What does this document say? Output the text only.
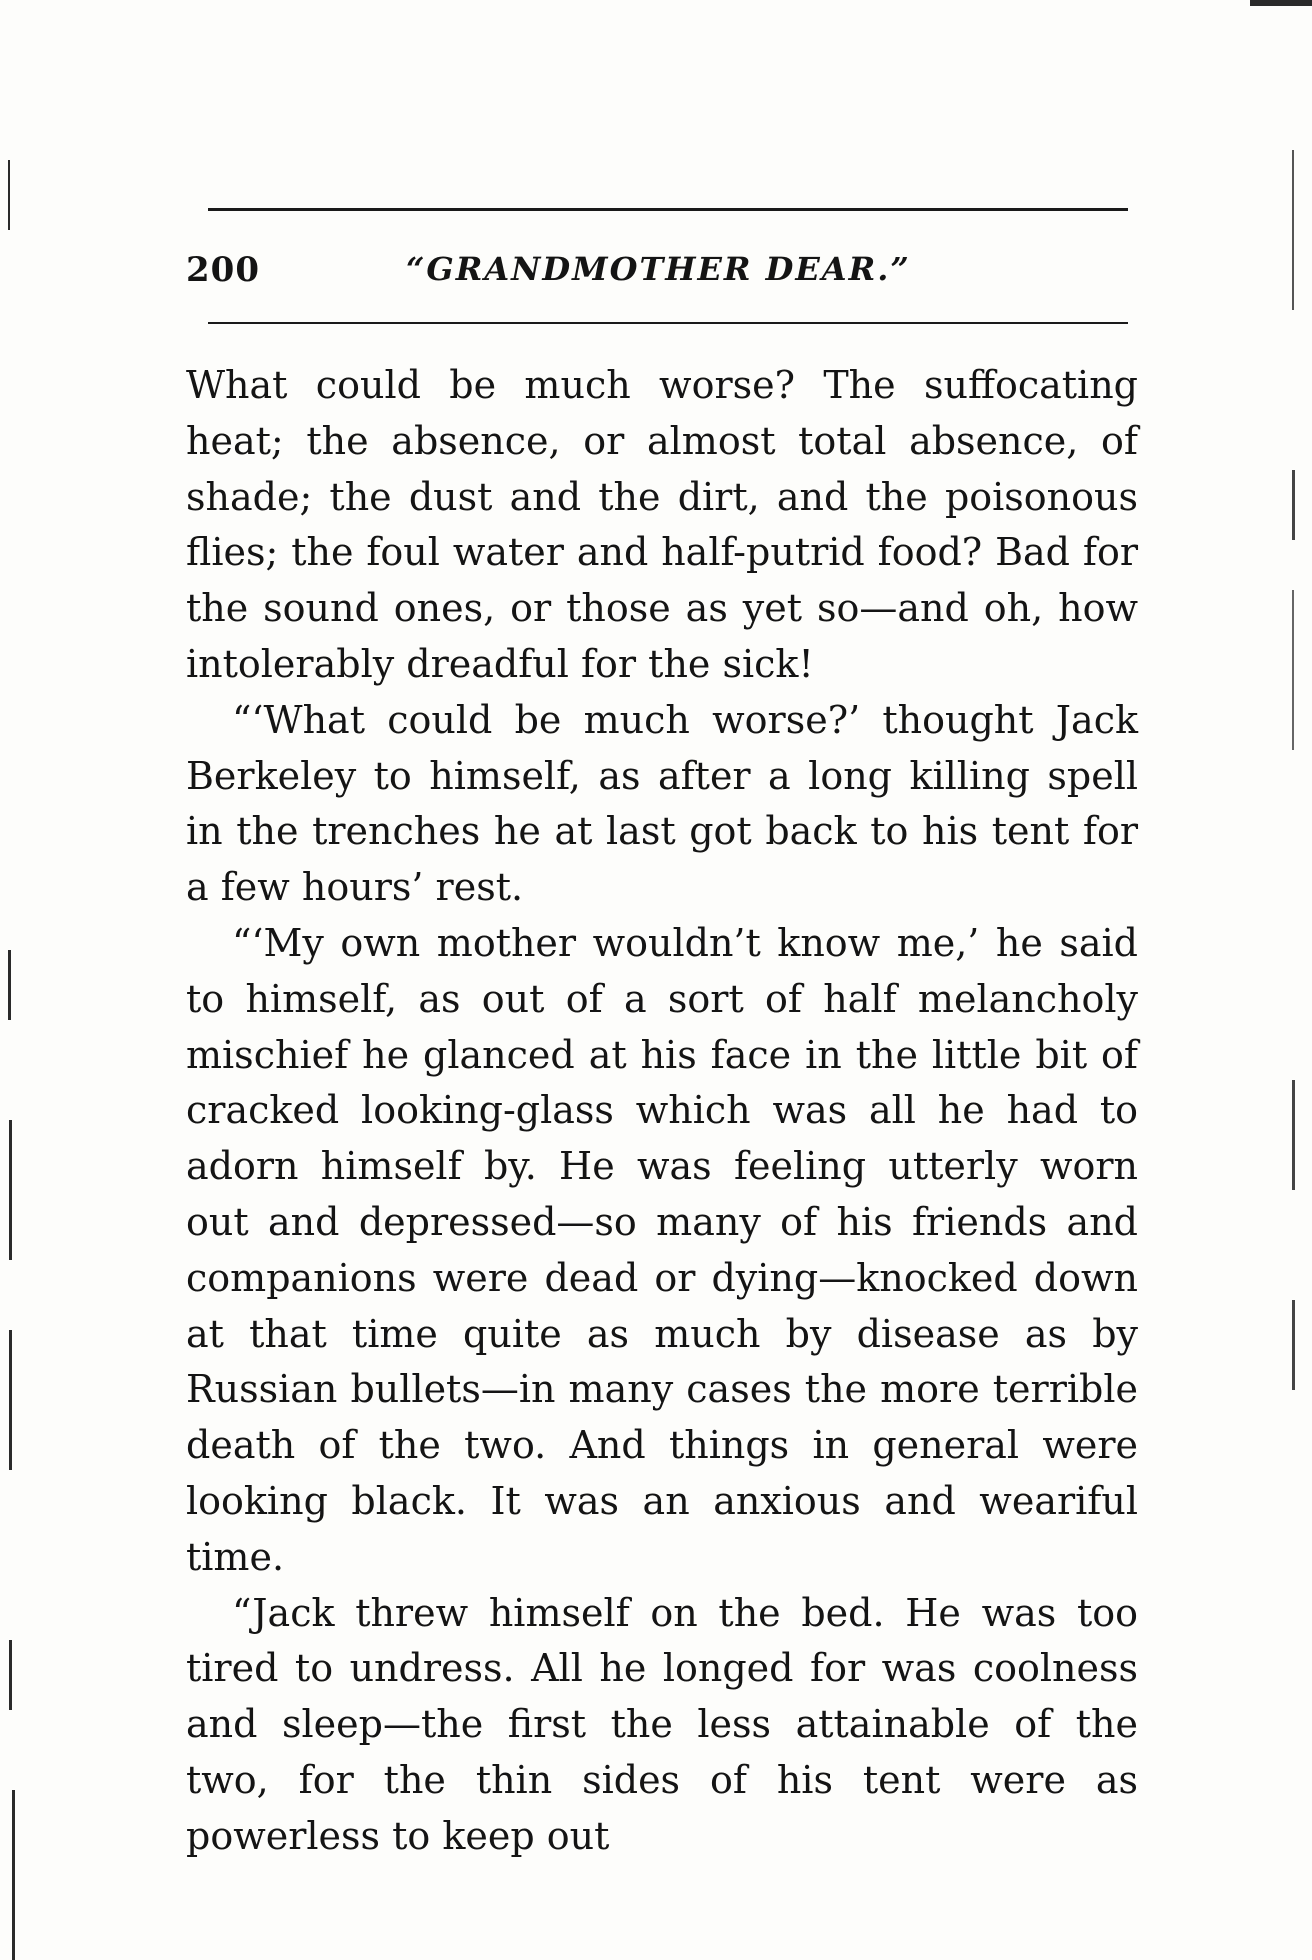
200	“GRANDMOTHER DEAR.”

What could be much worse? The suffocating heat; the absence, or almost total absence, of shade; the dust and the dirt, and the poisonous flies; the foul water and half-putrid food? Bad for the sound ones, or those as yet so—and oh, how intolerably dreadful for the sick!

“‘What could be much worse?’ thought Jack Berkeley to himself, as after a long killing spell in the trenches he at last got back to his tent for a few hours’ rest.

“‘My own mother wouldn’t know me,’ he said to himself, as out of a sort of half melancholy mischief he glanced at his face in the little bit of cracked looking-glass which was all he had to adorn himself by. He was feeling utterly worn out and depressed—so many of his friends and companions were dead or dying—knocked down at that time quite as much by disease as by Russian bullets—in many cases the more terrible death of the two. And things in general were looking black. It was an anxious and weariful time.

“Jack threw himself on the bed. He was too tired to undress. All he longed for was coolness and sleep—the first the less attainable of the two, for the thin sides of his tent were as powerless to keep out
